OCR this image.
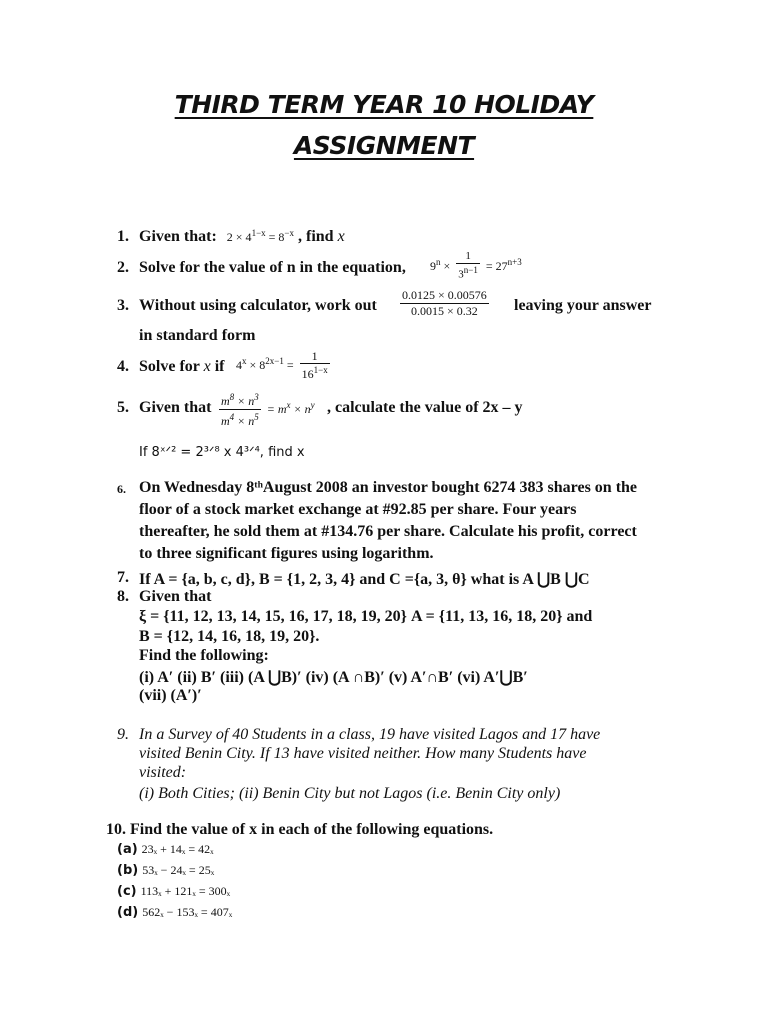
THIRD TERM YEAR 10 HOLIDAY
ASSIGNMENT
1. Given that:   $2 \times 4^{1-x} = 8^{-x}$ , find x
2. Solve for the value of n in the equation, $9^n \times \frac{1}{3^{n-1}} = 27^{n+3}$
3. Without using calculator, work out $\frac{0.0125 \times 0.00576}{0.0015 \times 0.32}$ leaving your answer
in standard form
4. Solve for x if $4^x \times 8^{2x-1} = \frac{1}{16^{1-x}}$
5. Given that $\frac{m^8 \times n^3}{m^4 \times n^5} = m^x \times n^y$ , calculate the value of 2x – y
If 8ˣᐟ² = 2³ᐟ⁸ x 4³ᐟ⁴, find x
6. On Wednesday 8ᵗʰAugust 2008 an investor bought 6274 383 shares on the
floor of a stock market exchange at #92.85 per share. Four years
thereafter, he sold them at #134.76 per share. Calculate his profit, correct
to three significant figures using logarithm.
7. If A = {a, b, c, d}, B = {1, 2, 3, 4} and C ={a, 3, θ} what is A ⋃B ⋃C
8. Given that
ξ = {11, 12, 13, 14, 15, 16, 17, 18, 19, 20} A = {11, 13, 16, 18, 20} and
B = {12, 14, 16, 18, 19, 20}.
Find the following:
(i) A′ (ii) B′ (iii) (A ⋃B)′ (iv) (A ∩B)′ (v) A′∩B′ (vi) A′⋃B′
(vii) (A′)′
9. In a Survey of 40 Students in a class, 19 have visited Lagos and 17 have
visited Benin City. If 13 have visited neither. How many Students have
visited:
(i) Both Cities; (ii) Benin City but not Lagos (i.e. Benin City only)
10. Find the value of x in each of the following equations.
(a) 23ₓ + 14ₓ = 42ₓ
(b) 53ₓ − 24ₓ = 25ₓ
(c) 113ₓ + 121ₓ = 300ₓ
(d) 562ₓ − 153ₓ = 407ₓ
